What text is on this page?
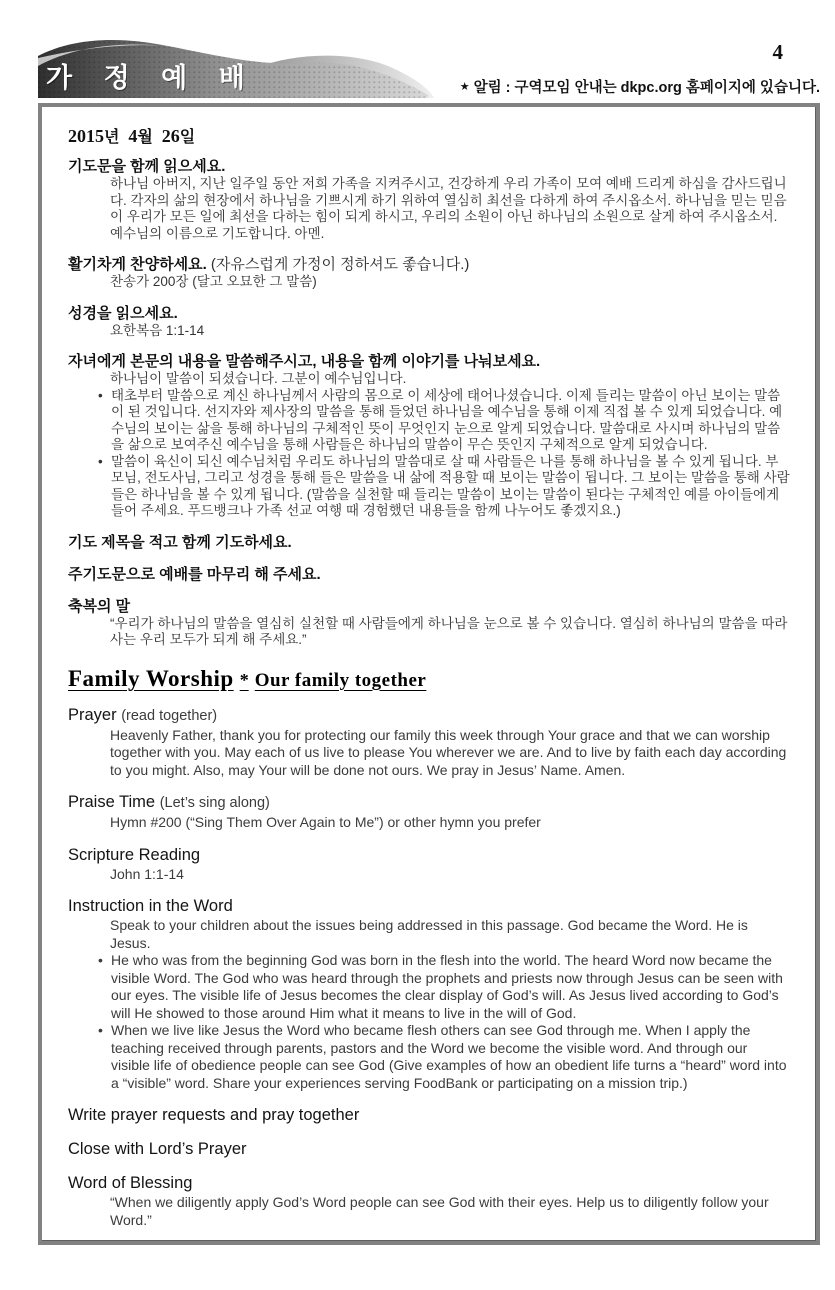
가 정 예 배
4
★ 알림 : 구역모임 안내는 dkpc.org 홈페이지에 있습니다.
2015년 4월 26일
기도문을 함께 읽으세요.
하나님 아버지, 지난 일주일 동안 저희 가족을 지켜주시고, 건강하게 우리 가족이 모여 예배 드리게 하심을 감사드립니다. 각자의 삶의 현장에서 하나님을 기쁘시게 하기 위하여 열심히 최선을 다하게 하여 주시옵소서. 하나님을 믿는 믿음이 우리가 모든 일에 최선을 다하는 힘이 되게 하시고, 우리의 소원이 아닌 하나님의 소원으로 살게 하여 주시옵소서. 예수님의 이름으로 기도합니다. 아멘.
활기차게 찬양하세요. (자유스럽게 가정이 정하셔도 좋습니다.)
찬송가 200장 (달고 오묘한 그 말씀)
성경을 읽으세요.
요한복음 1:1-14
자녀에게 본문의 내용을 말씀해주시고, 내용을 함께 이야기를 나눠보세요.
하나님이 말씀이 되셨습니다. 그분이 예수님입니다.
• 태초부터 말씀으로 계신 하나님께서 사람의 몸으로 이 세상에 태어나셨습니다. 이제 들리는 말씀이 아닌 보이는 말씀이 된 것입니다. 선지자와 제사장의 말씀을 통해 들었던 하나님을 예수님을 통해 이제 직접 볼 수 있게 되었습니다. 예수님의 보이는 삶을 통해 하나님의 구체적인 뜻이 무엇인지 눈으로 알게 되었습니다. 말씀대로 사시며 하나님의 말씀을 삶으로 보여주신 예수님을 통해 사람들은 하나님의 말씀이 무슨 뜻인지 구체적으로 알게 되었습니다.
• 말씀이 육신이 되신 예수님처럼 우리도 하나님의 말씀대로 살 때 사람들은 나를 통해 하나님을 볼 수 있게 됩니다. 부모님, 전도사님, 그리고 성경을 통해 들은 말씀을 내 삶에 적용할 때 보이는 말씀이 됩니다. 그 보이는 말씀을 통해 사람들은 하나님을 볼 수 있게 됩니다. (말씀을 실천할 때 들리는 말씀이 보이는 말씀이 된다는 구체적인 예를 아이들에게 들어 주세요. 푸드뱅크나 가족 선교 여행 때 경험했던 내용들을 함께 나누어도 좋겠지요.)
기도 제목을 적고 함께 기도하세요.
주기도문으로 예배를 마무리 해 주세요.
축복의 말
“우리가 하나님의 말씀을 열심히 실천할 때 사람들에게 하나님을 눈으로 볼 수 있습니다. 열심히 하나님의 말씀을 따라 사는 우리 모두가 되게 해 주세요.”
Family Worship * Our family together
Prayer (read together)
Heavenly Father, thank you for protecting our family this week through Your grace and that we can worship together with you. May each of us live to please You wherever we are. And to live by faith each day according to you might. Also, may Your will be done not ours. We pray in Jesus’ Name. Amen.
Praise Time (Let’s sing along)
Hymn #200 (“Sing Them Over Again to Me”) or other hymn you prefer
Scripture Reading
John 1:1-14
Instruction in the Word
Speak to your children about the issues being addressed in this passage. God became the Word. He is Jesus.
• He who was from the beginning God was born in the flesh into the world. The heard Word now became the visible Word. The God who was heard through the prophets and priests now through Jesus can be seen with our eyes. The visible life of Jesus becomes the clear display of God’s will. As Jesus lived according to God’s will He showed to those around Him what it means to live in the will of God.
• When we live like Jesus the Word who became flesh others can see God through me. When I apply the teaching received through parents, pastors and the Word we become the visible word. And through our visible life of obedience people can see God (Give examples of how an obedient life turns a “heard” word into a “visible” word. Share your experiences serving FoodBank or participating on a mission trip.)
Write prayer requests and pray together
Close with Lord’s Prayer
Word of Blessing
“When we diligently apply God’s Word people can see God with their eyes. Help us to diligently follow your Word.”
